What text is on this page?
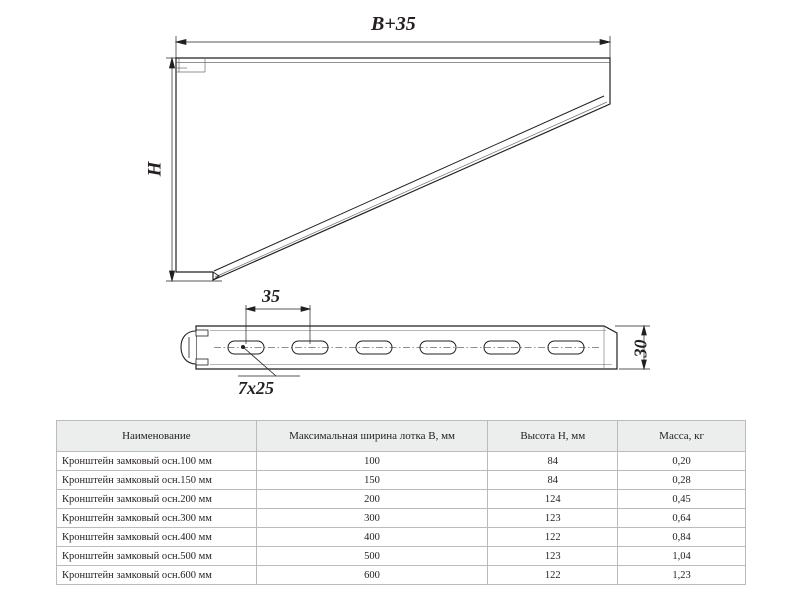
B+35
H
35
7x25
30
Наименование	Максимальная ширина лотка B, мм	Высота H, мм	Масса, кг
Кронштейн замковый осн.100 мм	100	84	0,20
Кронштейн замковый осн.150 мм	150	84	0,28
Кронштейн замковый осн.200 мм	200	124	0,45
Кронштейн замковый осн.300 мм	300	123	0,64
Кронштейн замковый осн.400 мм	400	122	0,84
Кронштейн замковый осн.500 мм	500	123	1,04
Кронштейн замковый осн.600 мм	600	122	1,23
